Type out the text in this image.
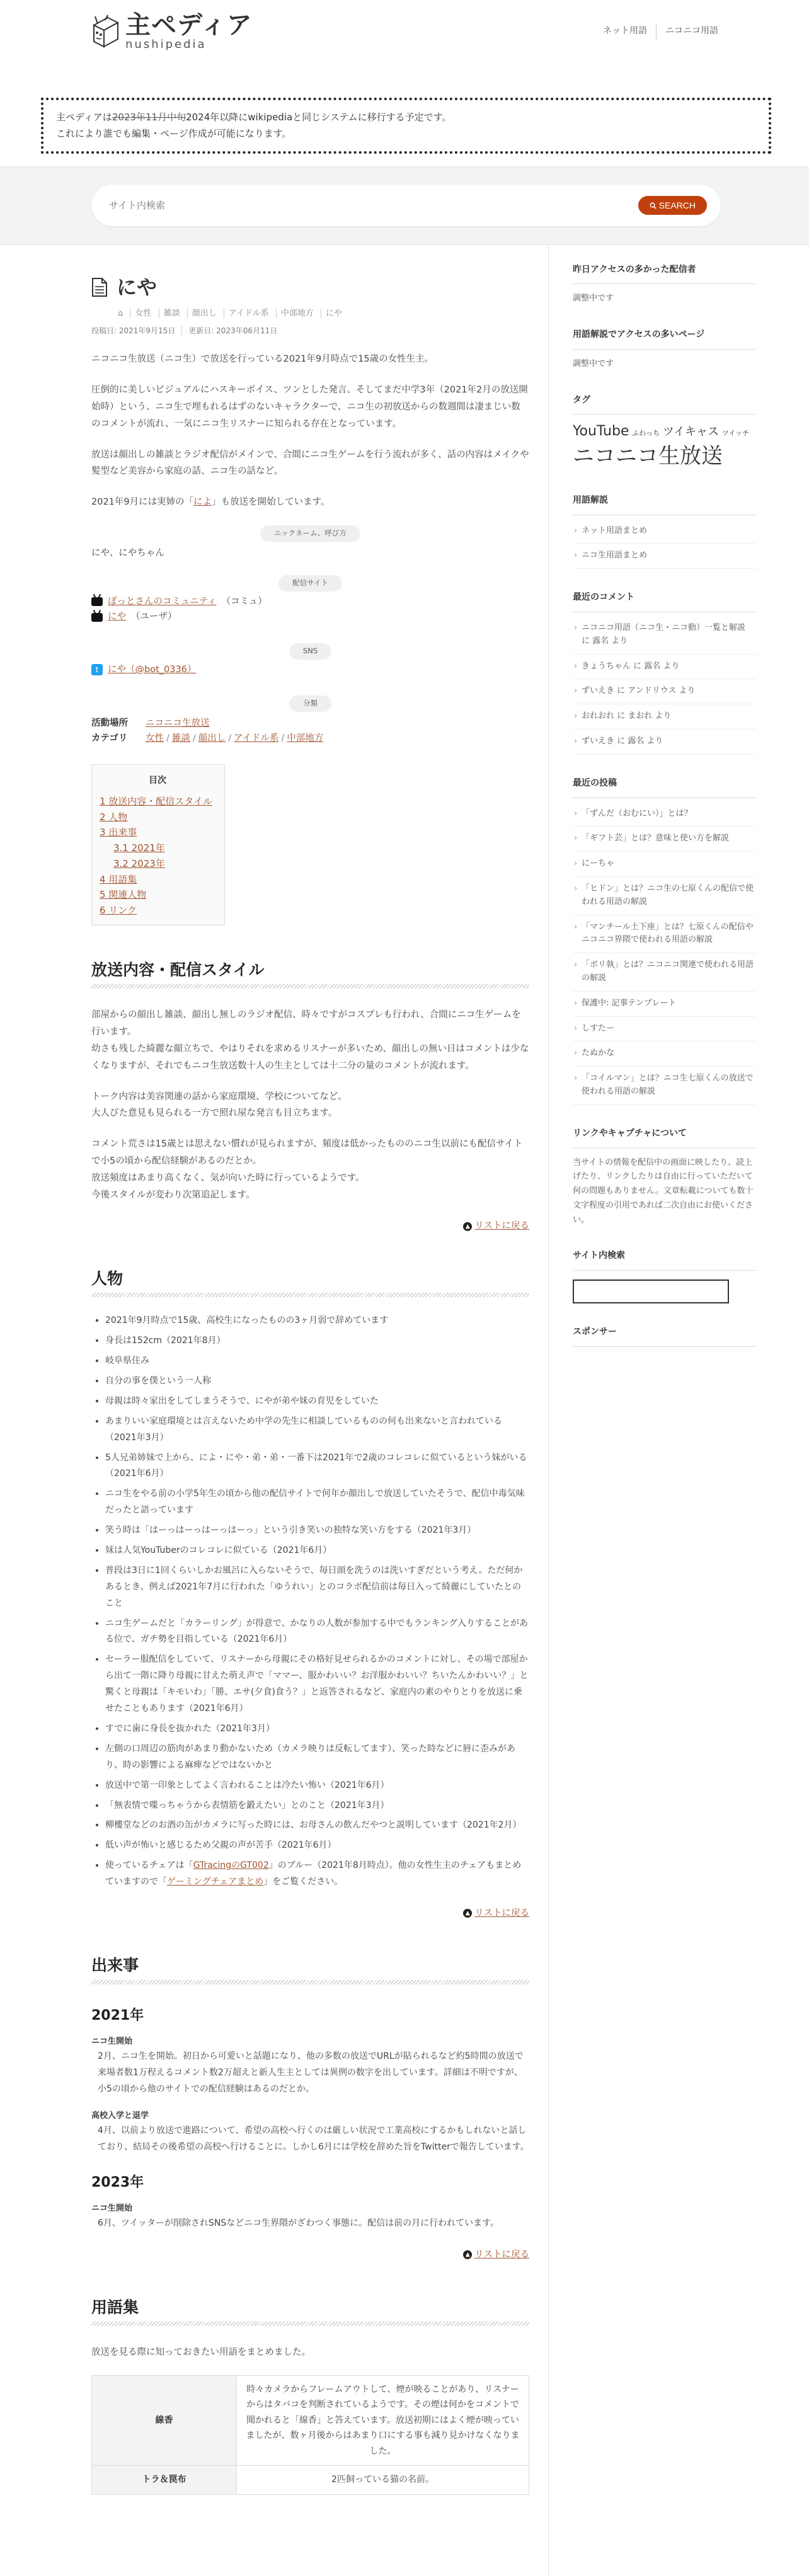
主ペディア
nushipedia
ネット用語	ニコニコ用語
主ペディアは2023年11月中旬2024年以降にwikipediaと同じシステムに移行する予定です。
これにより誰でも編集・ページ作成が可能になります。
サイト内検索
SEARCH
にや
⌂ 女性 雑談 顔出し アイドル系 中部地方 にや
投稿日: 2021年9月15日 更新日: 2023年06月11日

ニコニコ生放送（ニコ生）で放送を行っている2021年9月時点で15歳の女性生主。

圧倒的に美しいビジュアルにハスキーボイス、ツンとした発言、そしてまだ中学3年（2021年2月の放送開始時）という、ニコ生で埋もれるはずのないキャラクターで、ニコ生の初放送からの数週間は凄まじい数のコメントが流れ、一気にニコ生リスナーに知られる存在となっています。

放送は顔出しの雑談とラジオ配信がメインで、合間にニコ生ゲームを行う流れが多く、話の内容はメイクや髪型など美容から家庭の話、ニコ生の話など。

2021年9月には実姉の「によ」も放送を開始しています。

ニックネーム、呼び方
にや、にやちゃん
配信サイト
ぽっとさんのコミュニティ （コミュ）
にや （ユーザ）
SNS
t	にや（@bot_0336）
分類
活動場所	ニコニコ生放送
カテゴリ	女性 / 雑談 / 顔出し / アイドル系 / 中部地方
目次
1 放送内容・配信スタイル
2 人物
3 出来事
3.1 2021年
3.2 2023年
4 用語集
5 関連人物
6 リンク
放送内容・配信スタイル

部屋からの顔出し雑談、顔出し無しのラジオ配信、時々ですがコスプレも行われ、合間にニコ生ゲームを行います。

幼さも残した綺麗な顔立ちで、やはりそれを求めるリスナーが多いため、顔出しの無い日はコメントは少なくなりますが、それでもニコ生放送数十人の生主としては十二分の量のコメントが流れます。

トーク内容は美容関連の話から家庭環境、学校についてなど。

大人びた意見も見られる一方で照れ屋な発言も目立ちます。

コメント荒さは15歳とは思えない慣れが見られますが、頻度は低かったもののニコ生以前にも配信サイトで小5の頃から配信経験があるのだとか。

放送頻度はあまり高くなく、気が向いた時に行っているようです。

今後スタイルが変わり次第追記します。

▲ リストに戻る
人物
• 2021年9月時点で15歳、高校生になったものの3ヶ月弱で辞めています
• 身長は152cm（2021年8月）
• 岐阜県住み
• 自分の事を僕という一人称
• 母親は時々家出をしてしまうそうで、にやが弟や妹の育児をしていた
• あまりいい家庭環境とは言えないため中学の先生に相談しているものの何も出来ないと言われている（2021年3月）
• 5人兄弟姉妹で上から、によ・にや・弟・弟・一番下は2021年で2歳のコレコレに似ているという妹がいる（2021年6月）
• ニコ生をやる前の小学5年生の頃から他の配信サイトで何年か顔出しで放送していたそうで、配信中毒気味だったと語っています
• 笑う時は「はーっはーっはーっはーっ」という引き笑いの独特な笑い方をする（2021年3月）
• 妹は人気YouTuberのコレコレに似ている（2021年6月）
• 普段は3日に1回くらいしかお風呂に入らないそうで、毎日頭を洗うのは洗いすぎだという考え。ただ何かあるとき、例えば2021年7月に行われた「ゆうれい」とのコラボ配信前は毎日入って綺麗にしていたとのこと
• ニコ生ゲームだと「カラーリング」が得意で、かなりの人数が参加する中でもランキング入りすることがある位で、ガチ勢を目指している（2021年6月）
• セーラー服配信をしていて、リスナーから母親にその格好見せられるかのコメントに対し、その場で部屋から出て一階に降り母親に甘えた萌え声で「ママー、服かわいい？お洋服かわいい？ちいたんかわいい？」と驚くと母親は「キモいわ」「勝、エサ(夕食)食う？」と返答されるなど、家庭内の素のやりとりを放送に乗せたこともあります（2021年6月）
• すでに歯に身長を抜かれた（2021年3月）
• 左側の口周辺の筋肉があまり動かないため（カメラ映りは反転してます）、笑った時などに唇に歪みがあり、時の影響による麻痺などではないかと
• 放送中で第一印象としてよく言われることは冷たい怖い（2021年6月）
• 「無表情で喋っちゃうから表情筋を鍛えたい」とのこと（2021年3月）
• 柳樓堂などのお酒の缶がカメラに写った時には、お母さんの飲んだやつと説明しています（2021年2月）
• 低い声が怖いと感じるため父親の声が苦手（2021年6月）
• 使っているチェアは「GTracingのGT002」のブルー（2021年8月時点）。他の女性生主のチェアもまとめていますので「ゲーミングチェアまとめ」をご覧ください。
▲ リストに戻る
出来事
2021年
ニコ生開始
2月、ニコ生を開始。初日から可愛いと話題になり、他の多数の放送でURLが貼られるなど約5時間の放送で来場者数1万程えるコメント数2万超えと新人生主としては異例の数字を出しています。詳細は不明ですが、小5の頃から他のサイトでの配信経験はあるのだとか。
高校入学と退学
4月、以前より放送で進路について、希望の高校へ行くのは厳しい状況で工業高校にするかもしれないと話しており、結局その後希望の高校へ行けることに。しかし6月には学校を辞めた旨をTwitterで報告しています。
2023年
ニコ生開始
6月、ツイッターが削除されSNSなどニコ生界隈がざわつく事態に。配信は前の月に行われています。
▲ リストに戻る
用語集

放送を見る際に知っておきたい用語をまとめました。

線香	時々カメラからフレームアウトして、煙が映ることがあり、リスナーからはタバコを判断されているようです。その煙は何かをコメントで聞かれると「線香」と答えています。放送初期にはよく煙が映っていましたが、数ヶ月後からはあまり口にする事も減り見かけなくなりました。
トラ＆罠布	2匹飼っている猫の名前。
昨日アクセスの多かった配信者
調整中です
用語解説でアクセスの多いページ
調整中です
タグ
YouTube ふわっち ツイキャス ツイッチ ニコニコ生放送
用語解説
› ネット用語まとめ
› ニコ生用語まとめ
最近のコメント
› ニコニコ用語（ニコ生・ニコ動）一覧と解説 に 露名 より
› きょうちゃん に 露名 より
› ずいえき に アンドリウス より
› おれおれ に まおれ より
› ずいえき に 露名 より
最近の投稿
› 「ずんだ（おむにい）」とは？
› 「ギフト芸」とは？意味と使い方を解説
› にーちゃ
› 「ヒドン」とは？ニコ生の七原くんの配信で使われる用語の解説
› 「マンチール土下座」とは？七原くんの配信やニコニコ界隈で使われる用語の解説
› 「ボリ執」とは？ニコニコ関連で使われる用語の解説
› 保護中: 記事テンプレート
› しすたー
› たぬかな
› 「コイルマン」とは？ニコ生七原くんの放送で使われる用語の解説
リンクやキャプチャについて
当サイトの情報を配信中の画面に映したり、読上げたり、リンクしたりは自由に行っていただいて何の問題もありません。文章転載についても数十文字程度の引用であれば二次自由にお使いください。
サイト内検索
スポンサー
